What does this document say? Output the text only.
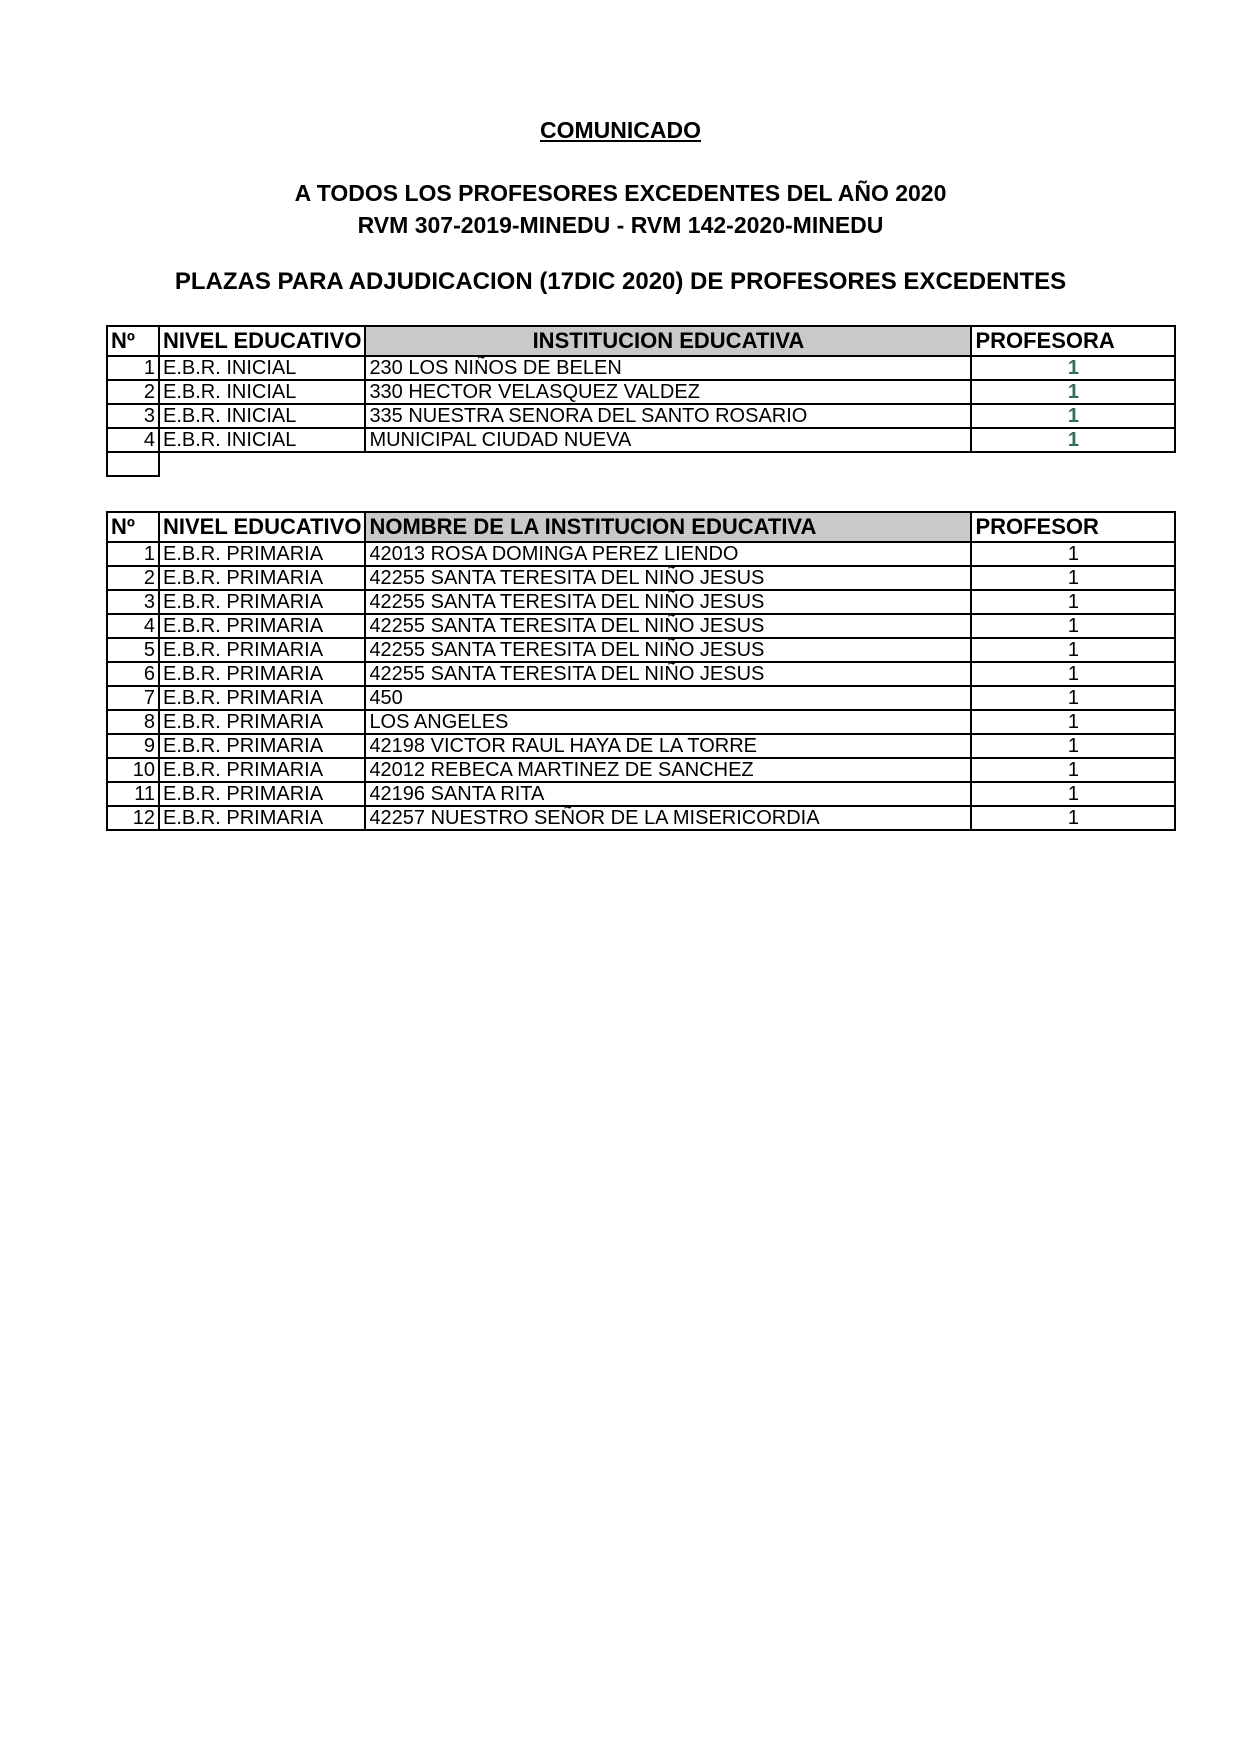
COMUNICADO
A TODOS LOS PROFESORES EXCEDENTES DEL AÑO 2020
RVM 307-2019-MINEDU - RVM 142-2020-MINEDU
PLAZAS PARA ADJUDICACION (17DIC 2020) DE PROFESORES EXCEDENTES
Nº	NIVEL EDUCATIVO	INSTITUCION EDUCATIVA	PROFESORA
1	E.B.R. INICIAL	230 LOS NIÑOS DE BELEN	1
2	E.B.R. INICIAL	330 HECTOR VELASQUEZ VALDEZ	1
3	E.B.R. INICIAL	335 NUESTRA SENORA DEL SANTO ROSARIO	1
4	E.B.R. INICIAL	MUNICIPAL CIUDAD NUEVA	1

Nº	NIVEL EDUCATIVO	NOMBRE DE LA INSTITUCION EDUCATIVA	PROFESOR
1	E.B.R. PRIMARIA	42013 ROSA DOMINGA PEREZ LIENDO	1
2	E.B.R. PRIMARIA	42255 SANTA TERESITA DEL NIÑO JESUS	1
3	E.B.R. PRIMARIA	42255 SANTA TERESITA DEL NIÑO JESUS	1
4	E.B.R. PRIMARIA	42255 SANTA TERESITA DEL NIÑO JESUS	1
5	E.B.R. PRIMARIA	42255 SANTA TERESITA DEL NIÑO JESUS	1
6	E.B.R. PRIMARIA	42255 SANTA TERESITA DEL NIÑO JESUS	1
7	E.B.R. PRIMARIA	450	1
8	E.B.R. PRIMARIA	LOS ANGELES	1
9	E.B.R. PRIMARIA	42198 VICTOR RAUL HAYA DE LA TORRE	1
10	E.B.R. PRIMARIA	42012 REBECA MARTINEZ DE SANCHEZ	1
11	E.B.R. PRIMARIA	42196 SANTA RITA	1
12	E.B.R. PRIMARIA	42257 NUESTRO SEÑOR DE LA MISERICORDIA	1
